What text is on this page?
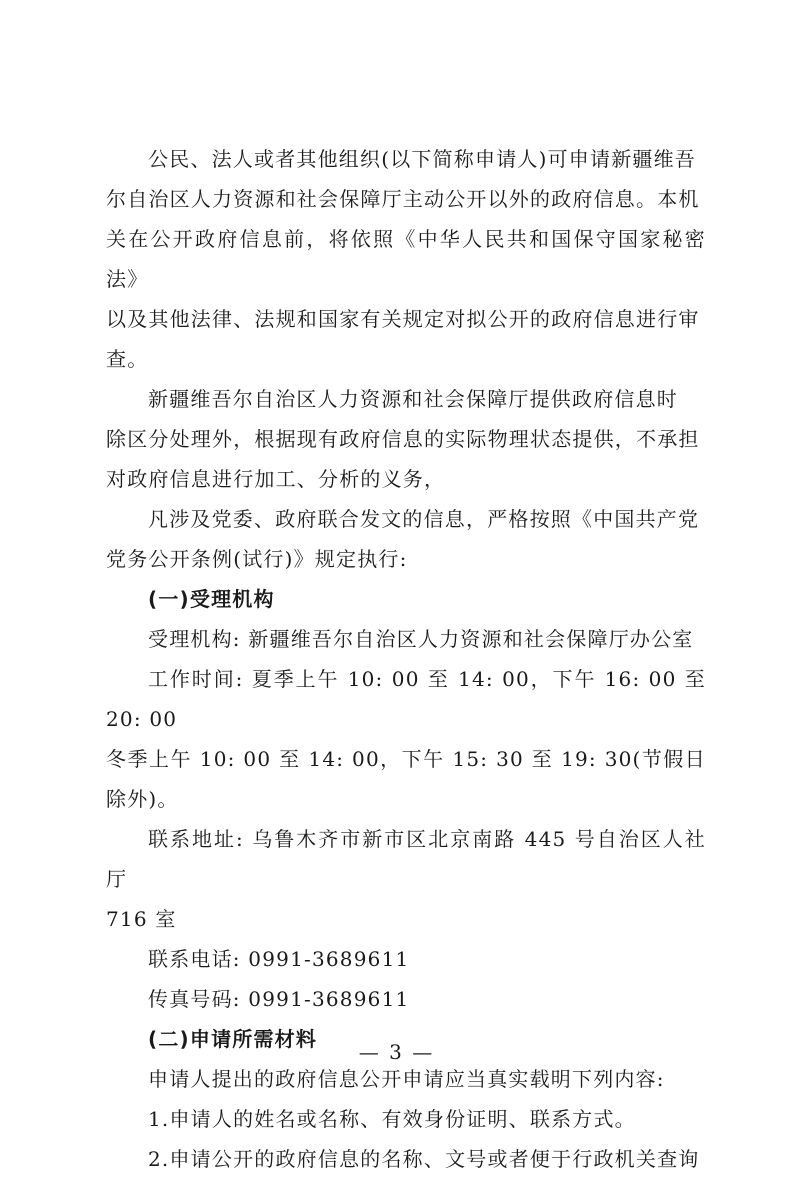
公民、法人或者其他组织(以下简称申请人)可申请新疆维吾
尔自治区人力资源和社会保障厅主动公开以外的政府信息。本机
关在公开政府信息前，将依照《中华人民共和国保守国家秘密法》
以及其他法律、法规和国家有关规定对拟公开的政府信息进行审
查。

新疆维吾尔自治区人力资源和社会保障厅提供政府信息时
除区分处理外，根据现有政府信息的实际物理状态提供，不承担
对政府信息进行加工、分析的义务，

凡涉及党委、政府联合发文的信息，严格按照《中国共产党
党务公开条例(试行)》规定执行:

(一)受理机构

受理机构: 新疆维吾尔自治区人力资源和社会保障厅办公室

工作时间: 夏季上午 10: 00 至 14: 00，下午 16: 00 至 20: 00
冬季上午 10: 00 至 14: 00，下午 15: 30 至 19: 30(节假日除外)。

联系地址: 乌鲁木齐市新市区北京南路 445 号自治区人社厅
716 室

联系电话: 0991-3689611

传真号码: 0991-3689611

(二)申请所需材料

申请人提出的政府信息公开申请应当真实载明下列内容:

1.申请人的姓名或名称、有效身份证明、联系方式。

2.申请公开的政府信息的名称、文号或者便于行政机关查询

— 3 —
